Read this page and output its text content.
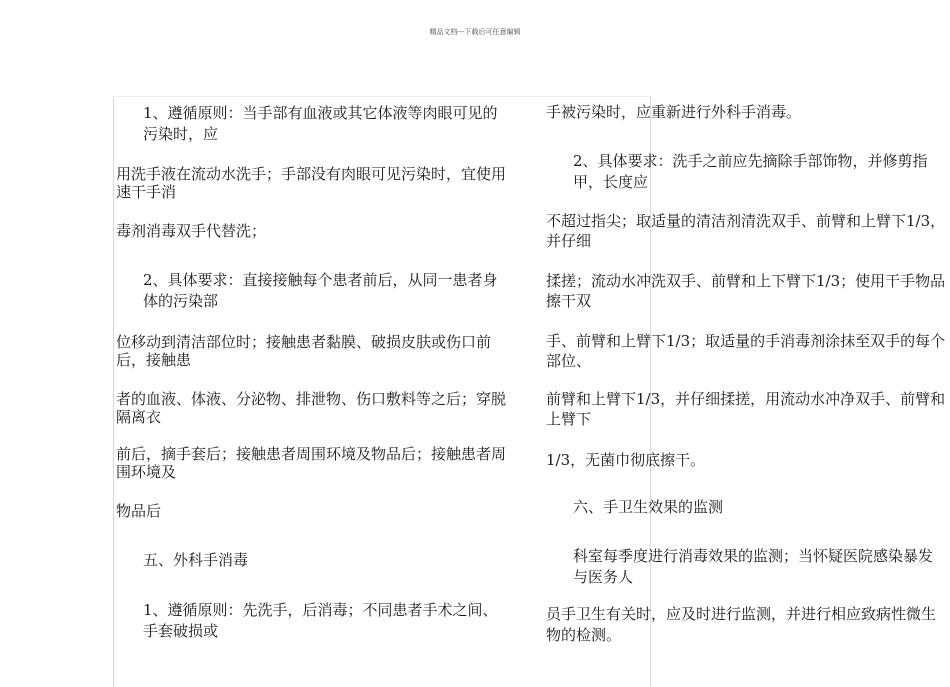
精品文档---下载后可任意编辑

1、遵循原则：当手部有血液或其它体液等肉眼可见的污染时，应

用洗手液在流动水洗手；手部没有肉眼可见污染时，宜使用速干手消

毒剂消毒双手代替洗；

2、具体要求：直接接触每个患者前后，从同一患者身体的污染部

位移动到清洁部位时；接触患者黏膜、破损皮肤或伤口前后，接触患

者的血液、体液、分泌物、排泄物、伤口敷料等之后；穿脱隔离衣

前后，摘手套后；接触患者周围环境及物品后；接触患者周围环境及

物品后

五、外科手消毒

1、遵循原则：先洗手，后消毒；不同患者手术之间、手套破损或

手被污染时，应重新进行外科手消毒。

2、具体要求：洗手之前应先摘除手部饰物，并修剪指甲，长度应

不超过指尖；取适量的清洁剂清洗双手、前臂和上臂下1/3，并仔细

揉搓；流动水冲洗双手、前臂和上下臂下1/3；使用干手物品擦干双

手、前臂和上臂下1/3；取适量的手消毒剂涂抹至双手的每个部位、

前臂和上臂下1/3，并仔细揉搓，用流动水冲净双手、前臂和上臂下

1/3，无菌巾彻底擦干。

六、手卫生效果的监测

科室每季度进行消毒效果的监测；当怀疑医院感染暴发与医务人

员手卫生有关时，应及时进行监测，并进行相应致病性微生物的检测。
